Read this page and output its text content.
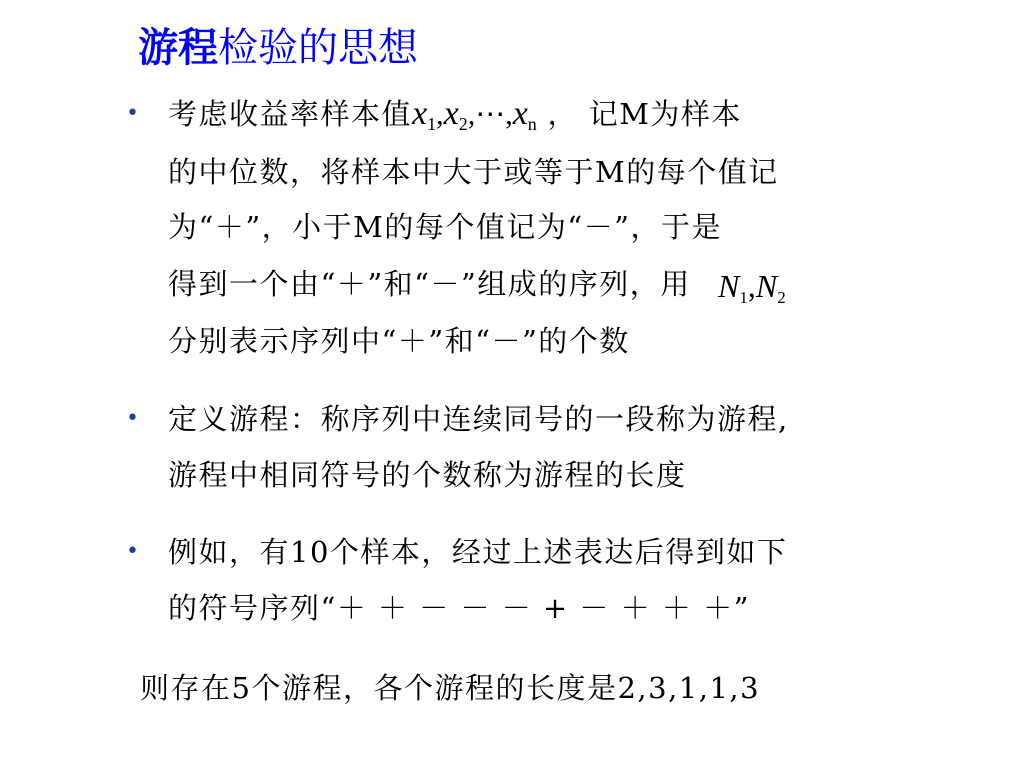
游程检验的思想
• 考虑收益率样本值$x_1,x_2,\cdots,x_n$ ， 记M为样本
的中位数，将样本中大于或等于M的每个值记
为“＋”，小于M的每个值记为“－”，于是
得到一个由“＋”和“－”组成的序列，用 $N_1,N_2$
分别表示序列中“＋”和“－”的个数
• 定义游程：称序列中连续同号的一段称为游程,
游程中相同符号的个数称为游程的长度
• 例如，有10个样本，经过上述表达后得到如下
的符号序列“＋ ＋ － － － + － ＋ ＋ ＋”
则存在5个游程，各个游程的长度是2,3,1,1,3
